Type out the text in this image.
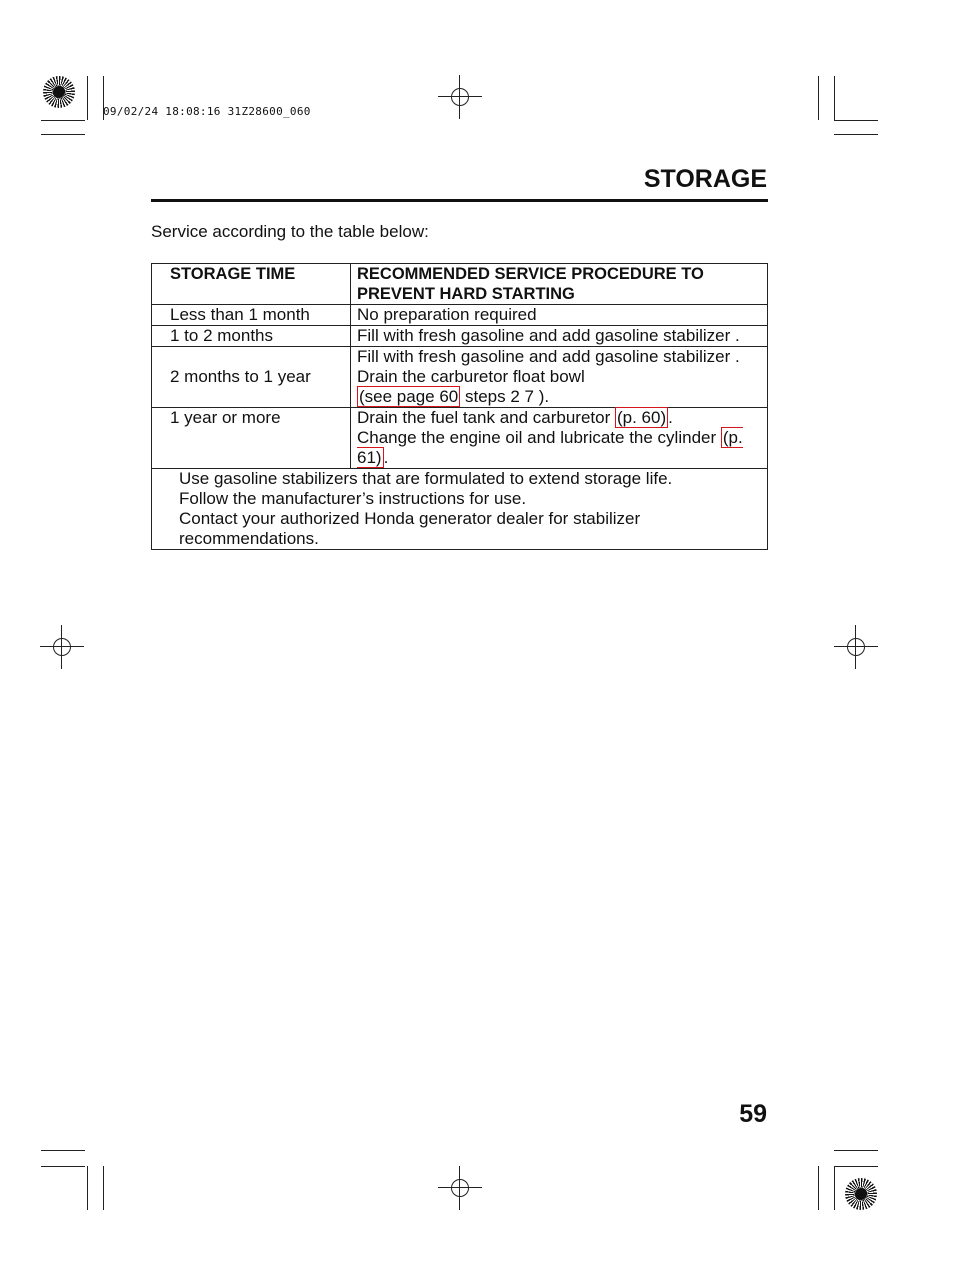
09/02/24 18:08:16 31Z28600_060
STORAGE
Service according to the table below:
STORAGE TIME	RECOMMENDED SERVICE PROCEDURE TO PREVENT HARD STARTING
Less than 1 month	No preparation required
1 to 2 months	Fill with fresh gasoline and add gasoline stabilizer .
2 months to 1 year	Fill with fresh gasoline and add gasoline stabilizer .
Drain the carburetor float bowl
(see page 60 steps 2 7 ).
1 year or more	Drain the fuel tank and carburetor (p. 60) .
Change the engine oil and lubricate the cylinder (p. 61) .
Use gasoline stabilizers that are formulated to extend storage life.
Follow the manufacturer’s instructions for use.
Contact your authorized Honda generator dealer for stabilizer recommendations.	
59
